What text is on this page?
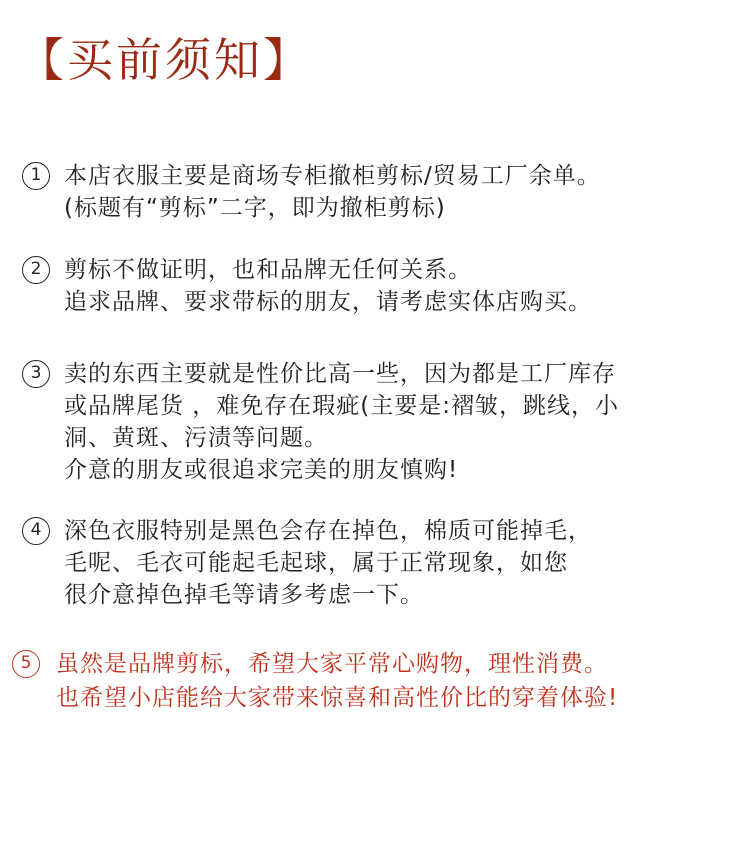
【买前须知】
1 本店衣服主要是商场专柜撤柜剪标/贸易工厂余单。
(标题有“剪标”二字，即为撤柜剪标)
2 剪标不做证明，也和品牌无任何关系。
追求品牌、要求带标的朋友，请考虑实体店购买。
3 卖的东西主要就是性价比高一些，因为都是工厂库存
或品牌尾货 ，难免存在瑕疵(主要是:褶皱，跳线，小
洞、黄斑、污渍等问题。
介意的朋友或很追求完美的朋友慎购!
4 深色衣服特别是黑色会存在掉色，棉质可能掉毛，
毛呢、毛衣可能起毛起球，属于正常现象，如您
很介意掉色掉毛等请多考虑一下。
5	虽然是品牌剪标，希望大家平常心购物，理性消费。
也希望小店能给大家带来惊喜和高性价比的穿着体验!
